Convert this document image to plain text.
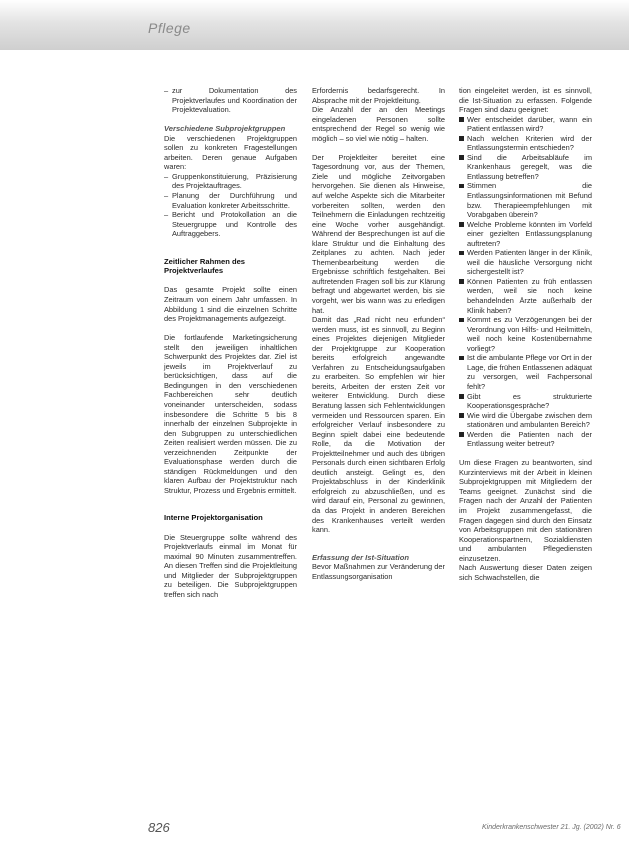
Pflege
– zur Dokumentation des Projektverlaufes und Koordination der Projektevaluation.

Verschiedene Subprojektgruppen

Die verschiedenen Projektgruppen sollen zu konkreten Fragestellungen arbeiten. Deren genaue Aufgaben waren:

– Gruppenkonstituierung, Präzisierung des Projektauftrages.
– Planung der Durchführung und Evaluation konkreter Arbeitsschritte.
– Bericht und Protokollation an die Steuergruppe und Kontrolle des Auftraggebers.

Zeitlicher Rahmen des Projektverlaufes

Das gesamte Projekt sollte einen Zeitraum von einem Jahr umfassen. In Abbildung 1 sind die einzelnen Schritte des Projektmanagements aufgezeigt.

Die fortlaufende Marketingsicherung stellt den jeweiligen inhaltlichen Schwerpunkt des Projektes dar. Ziel ist jeweils im Projektverlauf zu berücksichtigen, dass auf die Bedingungen in den verschiedenen Fachbereichen sehr deutlich voneinander unterscheiden, sodass insbesondere die Schritte 5 bis 8 innerhalb der einzelnen Subprojekte in den Subgruppen zu unterschiedlichen Zeiten realisiert werden müssen. Die zu verzeichnenden Zeitpunkte der Evaluationsphase werden durch die ständigen Rückmeldungen und den klaren Aufbau der Projektstruktur nach Struktur, Prozess und Ergebnis ermittelt.

Interne Projektorganisation

Die Steuergruppe sollte während des Projektverlaufs einmal im Monat für maximal 90 Minuten zusammentreffen. An diesen Treffen sind die Projektleitung und Mitglieder der Subprojektgruppen zu beteiligen. Die Subprojektgruppen treffen sich nach

Erfordernis bedarfsgerecht. In Absprache mit der Projektleitung.

Die Anzahl der an den Meetings eingeladenen Personen sollte entsprechend der Regel so wenig wie möglich – so viel wie nötig – halten.

Der Projektleiter bereitet eine Tagesordnung vor, aus der Themen, Ziele und mögliche Zeitvorgaben hervorgehen. Sie dienen als Hinweise, auf welche Aspekte sich die Mitarbeiter vorbereiten sollten, werden den Teilnehmern die Einladungen rechtzeitig eine Woche vorher ausgehändigt. Während der Besprechungen ist auf die klare Struktur und die Einhaltung des Zeitplanes zu achten. Nach jeder Themenbearbeitung werden die Ergebnisse schriftlich festgehalten. Bei auftretenden Fragen soll bis zur Klärung befragt und abgewartet werden, bis sie vorgeht, wer bis wann was zu erledigen hat.

Damit das „Rad nicht neu erfunden“ werden muss, ist es sinnvoll, zu Beginn eines Projektes diejenigen Mitglieder der Projektgruppe zur Kooperation bereits erfolgreich angewandte Verfahren zu Entscheidungsaufgaben zu erarbeiten. So empfehlen wir hier bereits, Arbeiten der ersten Zeit vor weiterer Entwicklung. Durch diese Beratung lassen sich Fehlentwicklungen vermeiden und Ressourcen sparen. Ein erfolgreicher Verlauf insbesondere zu Beginn spielt dabei eine bedeutende Rolle, da die Motivation der Projektteilnehmer und auch des übrigen Personals durch einen sichtbaren Erfolg deutlich ansteigt. Gelingt es, den Projektabschluss in der Kinderklinik erfolgreich zu abzuschließen, und es wird darauf ein, Personal zu gewinnen, da das Projekt in anderen Bereichen des Krankenhauses verteilt werden kann.

Erfassung der Ist-Situation

Bevor Maßnahmen zur Veränderung der Entlassungsorganisation

tion eingeleitet werden, ist es sinnvoll, die Ist-Situation zu erfassen. Folgende Fragen sind dazu geeignet:

Wer entscheidet darüber, wann ein Patient entlassen wird?
Nach welchen Kriterien wird der Entlassungstermin entschieden?
Sind die Arbeitsabläufe im Krankenhaus geregelt, was die Entlassung betreffen?
Stimmen die Entlassungsinformationen mit Befund bzw. Therapieempfehlungen mit Vorabgaben überein?
Welche Probleme könnten im Vorfeld einer gezielten Entlassungsplanung auftreten?
Werden Patienten länger in der Klinik, weil die häusliche Versorgung nicht sichergestellt ist?
Können Patienten zu früh entlassen werden, weil sie noch keine behandelnden Ärzte außerhalb der Klinik haben?
Kommt es zu Verzögerungen bei der Verordnung von Hilfs- und Heilmitteln, weil noch keine Kostenübernahme vorliegt?
Ist die ambulante Pflege vor Ort in der Lage, die frühen Entlassenen adäquat zu versorgen, weil Fachpersonal fehlt?
Gibt es strukturierte Kooperationsgespräche?
Wie wird die Übergabe zwischen dem stationären und ambulanten Bereich?
Werden die Patienten nach der Entlassung weiter betreut?

Um diese Fragen zu beantworten, sind Kurzinterviews mit der Arbeit in kleinen Subprojektgruppen mit Mitgliedern der Teams geeignet. Zunächst sind die Fragen nach der Anzahl der Patienten im Projekt zusammengefasst, die Fragen dagegen sind durch den Einsatz von Arbeitsgruppen mit den stationären Kooperationspartnern, Sozialdiensten und ambulanten Pflegediensten einzusetzen.

Nach Auswertung dieser Daten zeigen sich Schwachstellen, die

826	Kinderkrankenschwester 21. Jg. (2002) Nr. 6
